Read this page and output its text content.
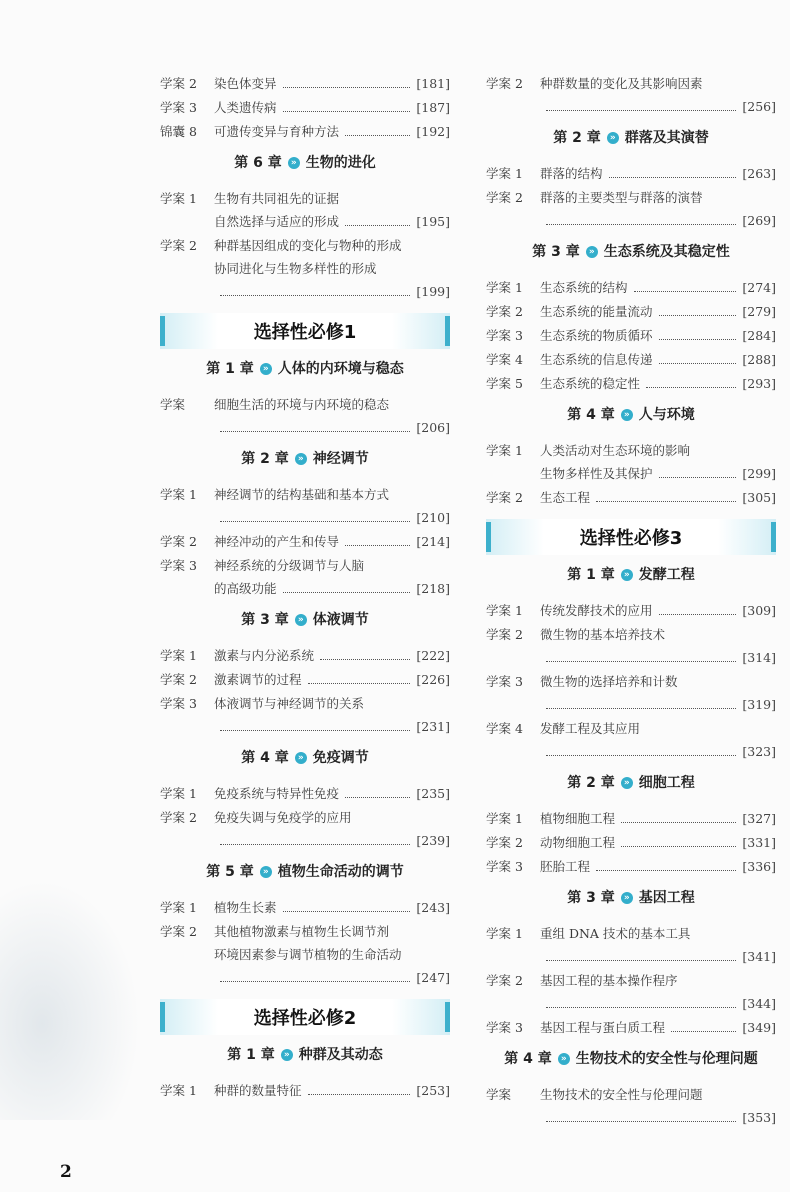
学案 2	染色体变异	[181]
学案 3	人类遗传病	[187]
锦囊 8	可遗传变异与育种方法	[192]
第 6 章	» 生物的进化
学案 1	生物有共同祖先的证据
自然选择与适应的形成	[195]
学案 2	种群基因组成的变化与物种的形成
协同进化与生物多样性的形成
[199]
选择性必修1
第 1 章	» 人体的内环境与稳态
学案	细胞生活的环境与内环境的稳态
[206]
第 2 章	» 神经调节
学案 1	神经调节的结构基础和基本方式
[210]
学案 2	神经冲动的产生和传导	[214]
学案 3	神经系统的分级调节与人脑
的高级功能	[218]
第 3 章	» 体液调节
学案 1	激素与内分泌系统	[222]
学案 2	激素调节的过程	[226]
学案 3	体液调节与神经调节的关系
[231]
第 4 章	» 免疫调节
学案 1	免疫系统与特异性免疫	[235]
学案 2	免疫失调与免疫学的应用
[239]
第 5 章	» 植物生命活动的调节
学案 1	植物生长素	[243]
学案 2	其他植物激素与植物生长调节剂
环境因素参与调节植物的生命活动
[247]
选择性必修2
第 1 章	» 种群及其动态
学案 1	种群的数量特征	[253]
学案 2	种群数量的变化及其影响因素
[256]
第 2 章	» 群落及其演替
学案 1	群落的结构	[263]
学案 2	群落的主要类型与群落的演替
[269]
第 3 章	» 生态系统及其稳定性
学案 1	生态系统的结构	[274]
学案 2	生态系统的能量流动	[279]
学案 3	生态系统的物质循环	[284]
学案 4	生态系统的信息传递	[288]
学案 5	生态系统的稳定性	[293]
第 4 章	» 人与环境
学案 1	人类活动对生态环境的影响
生物多样性及其保护	[299]
学案 2	生态工程	[305]
选择性必修3
第 1 章	» 发酵工程
学案 1	传统发酵技术的应用	[309]
学案 2	微生物的基本培养技术
[314]
学案 3	微生物的选择培养和计数
[319]
学案 4	发酵工程及其应用
[323]
第 2 章	» 细胞工程
学案 1	植物细胞工程	[327]
学案 2	动物细胞工程	[331]
学案 3	胚胎工程	[336]
第 3 章	» 基因工程
学案 1	重组 DNA 技术的基本工具
[341]
学案 2	基因工程的基本操作程序
[344]
学案 3	基因工程与蛋白质工程	[349]
第 4 章	» 生物技术的安全性与伦理问题
学案	生物技术的安全性与伦理问题
[353]
2
